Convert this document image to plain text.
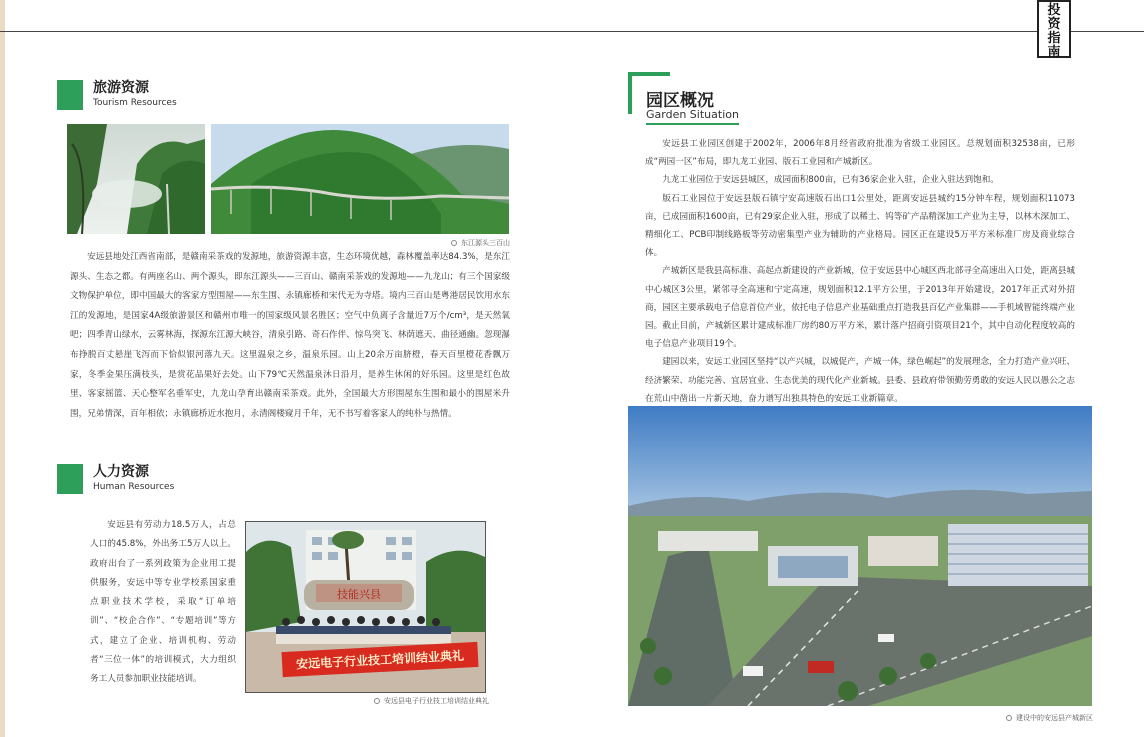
投
资
指
南
旅游资源
Tourism Resources
东江源头三百山

安远县地处江西省南部，是赣南采茶戏的发源地，旅游资源丰富，生态环境优越，森林覆盖率达84.3%，是东江源头、生态之都。有两座名山、两个源头，即东江源头——三百山、赣南采茶戏的发源地——九龙山；有三个国家级文物保护单位，即中国最大的客家方型围屋——东生围、永镇廊桥和宋代无为寺塔。境内三百山是粤港居民饮用水东江的发源地，是国家4A级旅游景区和赣州市唯一的国家级风景名胜区；空气中负离子含量近7万个/cm³，是天然氧吧；四季青山绿水，云雾林海，探源东江源大峡谷，清泉引路、奇石作伴、惊鸟突飞、林荫遮天、曲径通幽。忽现瀑布挣脱百丈悬崖飞泻而下恰似银河落九天。这里温泉之乡，温泉乐园。山上20余万亩脐橙，春天百里橙花香飘万家，冬季金果压满枝头，是赏花品果好去处。山下79℃天然温泉沐日沿月，是养生休闲的好乐园。这里是红色故里、客家摇篮、天心整军名垂军史，九龙山孕育出赣南采茶戏。此外，全国最大方形围屋东生围和最小的围屋米升围，兄弟情深，百年相依；永镇廊桥近水抱月，永清阁楼窥月千年，无不书写着客家人的纯朴与热情。

人力资源
Human Resources

安远县有劳动力18.5万人，占总人口的45.8%，外出务工5万人以上。政府出台了一系列政策为企业用工提供服务，安远中等专业学校系国家重点职业技术学校，采取“订单培训”、“校企合作”、“专题培训”等方式，建立了企业、培训机构、劳动者“三位一体”的培训模式，大力组织务工人员参加职业技能培训。

技能兴县
安远电子行业技工培训结业典礼
安远县电子行业技工培训结业典礼
园区概况
Garden Situation

安远县工业园区创建于2002年，2006年8月经省政府批准为省级工业园区。总规划面积32538亩，已形成“两园一区”布局，即九龙工业园、版石工业园和产城新区。

九龙工业园位于安远县城区，成园面积800亩，已有36家企业入驻，企业入驻达到饱和。

版石工业园位于安远县版石镇宁安高速版石出口1公里处，距离安远县城约15分钟车程，规划面积11073亩，已成园面积1600亩，已有29家企业入驻，形成了以稀土、钨等矿产品精深加工产业为主导，以林木深加工、精细化工、PCB印制线路板等劳动密集型产业为辅助的产业格局。园区正在建设5万平方米标准厂房及商业综合体。

产城新区是我县高标准、高起点新建设的产业新城，位于安远县中心城区西北部寻全高速出入口处，距离县城中心城区3公里，紧邻寻全高速和宁定高速，规划面积12.1平方公里，于2013年开始建设，2017年正式对外招商，园区主要承载电子信息首位产业，依托电子信息产业基础重点打造我县百亿产业集群——手机域智能终端产业园。截止目前，产城新区累计建成标准厂房约80万平方米，累计落户招商引资项目21个，其中自动化程度较高的电子信息产业项目19个。

建园以来，安远工业园区坚持“以产兴城，以城促产，产城一体，绿色崛起”的发展理念，全力打造产业兴旺、经济繁荣、功能完善、宜居宜业、生态优美的现代化产业新城。县委、县政府带领勤劳勇敢的安远人民以愚公之志在荒山中凿出一片新天地，奋力谱写出独具特色的安远工业新篇章。

建设中的安远县产城新区
